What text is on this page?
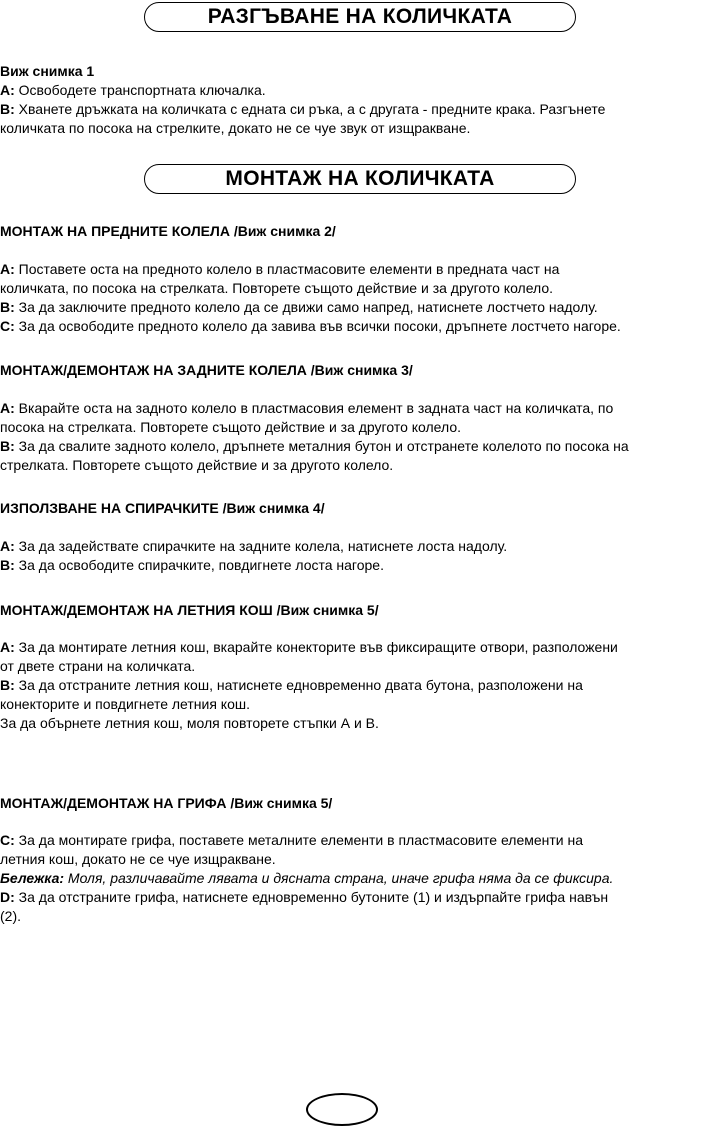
РАЗГЪВАНЕ НА КОЛИЧКАТА
Виж снимка 1
A: Освободете транспортната ключалка.
B: Хванете дръжката на количката с едната си ръка, а с другата - предните крака. Разгънете
количката по посока на стрелките, докато не се чуе звук от изщракване.
МОНТАЖ НА КОЛИЧКАТА
МОНТАЖ НА ПРЕДНИТЕ КОЛЕЛА /Виж снимка 2/
A: Поставете оста на предното колело в пластмасовите елементи в предната част на
количката, по посока на стрелката. Повторете същото действие и за другото колело.
B: За да заключите предното колело да се движи само напред, натиснете лостчето надолу.
C: За да освободите предното колело да завива във всички посоки, дръпнете лостчето нагоре.
МОНТАЖ/ДЕМОНТАЖ НА ЗАДНИТЕ КОЛЕЛА /Виж снимка 3/
A: Вкарайте оста на задното колело в пластмасовия елемент в задната част на количката, по
посока на стрелката. Повторете същото действие и за другото колело.
B: За да свалите задното колело, дръпнете металния бутон и отстранете колелото по посока на
стрелката. Повторете същото действие и за другото колело.
ИЗПОЛЗВАНЕ НА СПИРАЧКИТЕ /Виж снимка 4/
A: За да задействате спирачките на задните колела, натиснете лоста надолу.
B: За да освободите спирачките, повдигнете лоста нагоре.
МОНТАЖ/ДЕМОНТАЖ НА ЛЕТНИЯ КОШ /Виж снимка 5/
A: За да монтирате летния кош, вкарайте конекторите във фиксиращите отвори, разположени
от двете страни на количката.
B: За да отстраните летния кош, натиснете едновременно двата бутона, разположени на
конекторите и повдигнете летния кош.
За да обърнете летния кош, моля повторете стъпки А и В.
МОНТАЖ/ДЕМОНТАЖ НА ГРИФА /Виж снимка 5/
C: За да монтирате грифа, поставете металните елементи в пластмасовите елементи на
летния кош, докато не се чуе изщракване.
Бележка: Моля, различавайте лявата и дясната страна, иначе грифа няма да се фиксира.
D: За да отстраните грифа, натиснете едновременно бутоните (1) и издърпайте грифа навън
(2).
